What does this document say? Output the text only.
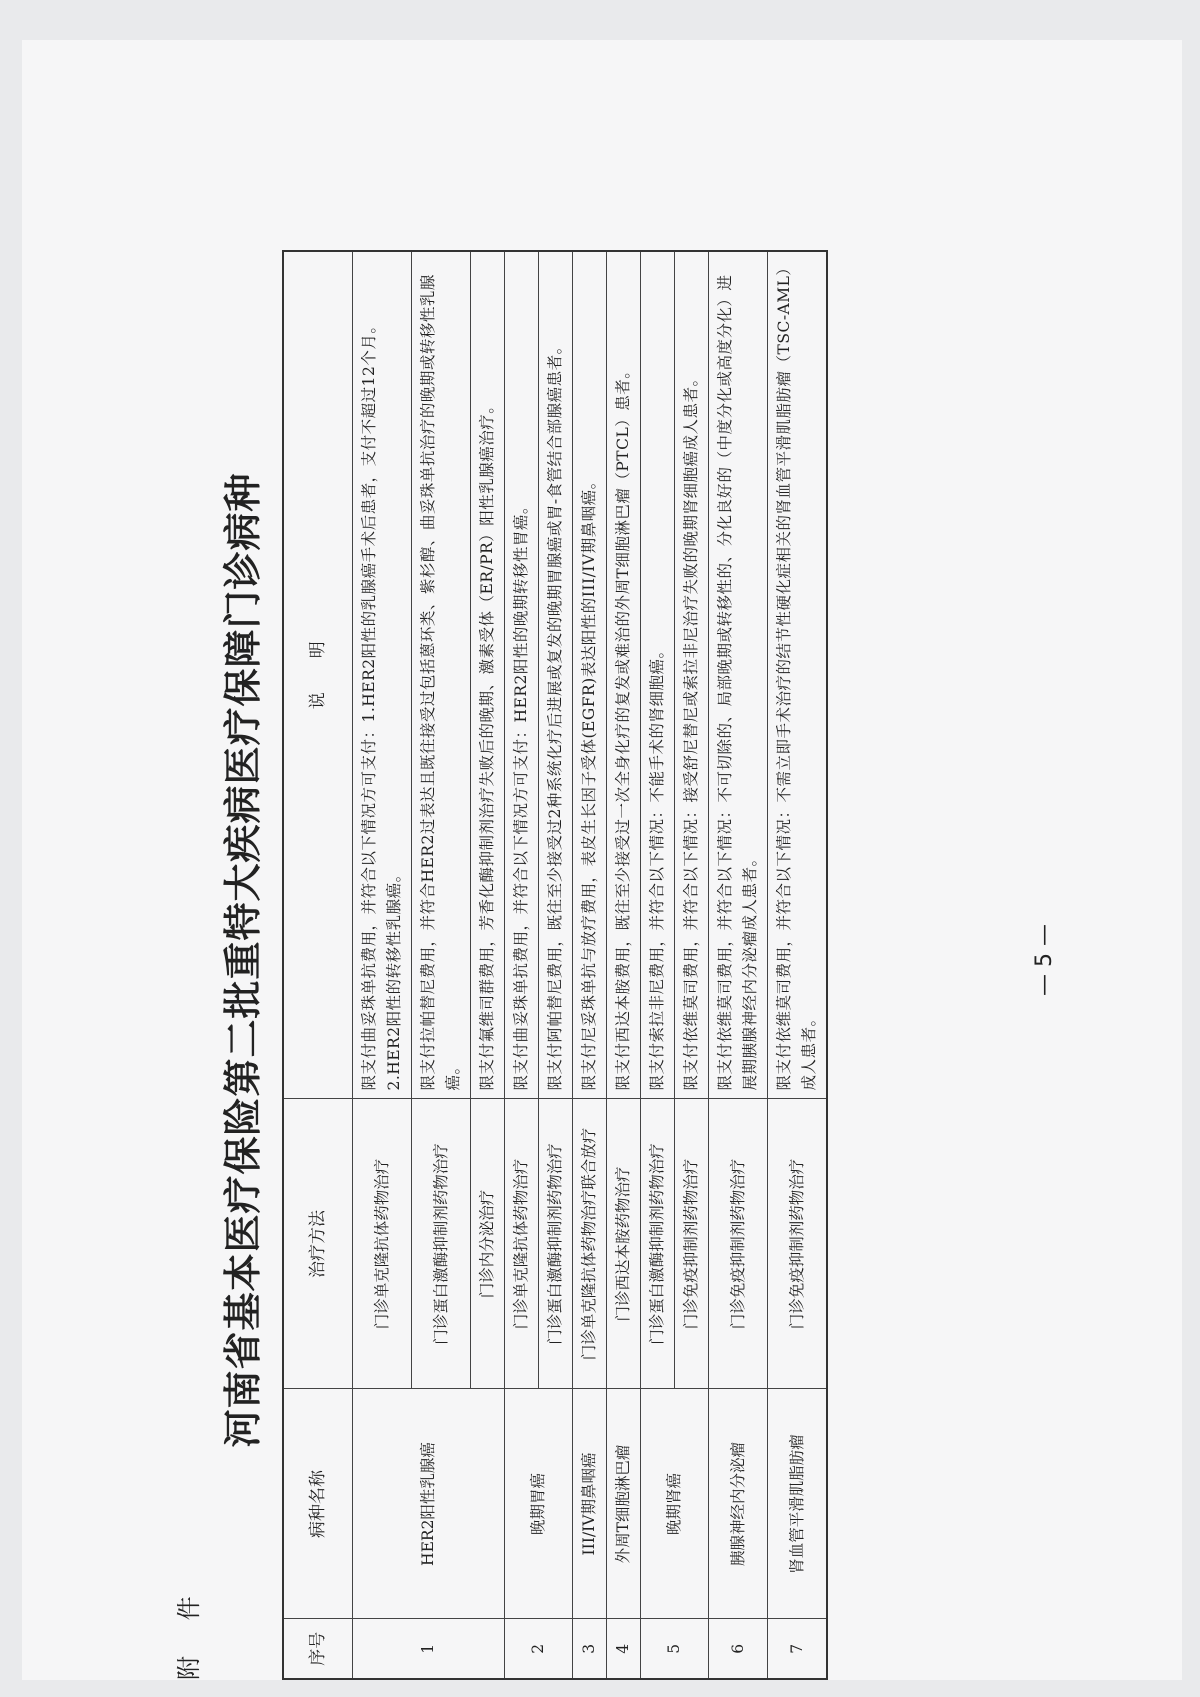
附 件
河南省基本医疗保险第二批重特大疾病医疗保障门诊病种
序号	病种名称	治疗方法	说　　明
1	HER2阳性乳腺癌	门诊单克隆抗体药物治疗	限支付曲妥珠单抗费用，并符合以下情况方可支付：1.HER2阳性的乳腺癌手术后患者，支付不超过12个月。2.HER2阳性的转移性乳腺癌。
		门诊蛋白激酶抑制剂药物治疗	限支付拉帕替尼费用，并符合HER2过表达且既往接受过包括蒽环类、紫杉醇、曲妥珠单抗治疗的晚期或转移性乳腺癌。
		门诊内分泌治疗	限支付氟维司群费用，芳香化酶抑制剂治疗失败后的晚期、激素受体（ER/PR）阳性乳腺癌治疗。
2	晚期胃癌	门诊单克隆抗体药物治疗	限支付曲妥珠单抗费用，并符合以下情况方可支付：HER2阳性的晚期转移性胃癌。
		门诊蛋白激酶抑制剂药物治疗	限支付阿帕替尼费用，既往至少接受过2种系统化疗后进展或复发的晚期胃腺癌或胃-食管结合部腺癌患者。
3	III/IV期鼻咽癌	门诊单克隆抗体药物治疗联合放疗	限支付尼妥珠单抗与放疗费用，表皮生长因子受体(EGFR)表达阳性的III/IV期鼻咽癌。
4	外周T细胞淋巴瘤	门诊西达本胺药物治疗	限支付西达本胺费用，既往至少接受过一次全身化疗的复发或难治的外周T细胞淋巴瘤（PTCL）患者。
5	晚期肾癌	门诊蛋白激酶抑制剂药物治疗	限支付索拉非尼费用，并符合以下情况：不能手术的肾细胞癌。
		门诊免疫抑制剂药物治疗	限支付依维莫司费用，并符合以下情况：接受舒尼替尼或索拉非尼治疗失败的晚期肾细胞癌成人患者。
6	胰腺神经内分泌瘤	门诊免疫抑制剂药物治疗	限支付依维莫司费用，并符合以下情况：不可切除的、局部晚期或转移性的、分化良好的（中度分化或高度分化）进展期胰腺神经内分泌瘤成人患者。
7	肾血管平滑肌脂肪瘤	门诊免疫抑制剂药物治疗	限支付依维莫司费用，并符合以下情况：不需立即手术治疗的结节性硬化症相关的肾血管平滑肌脂肪瘤（TSC-AML）成人患者。
— 5 —
